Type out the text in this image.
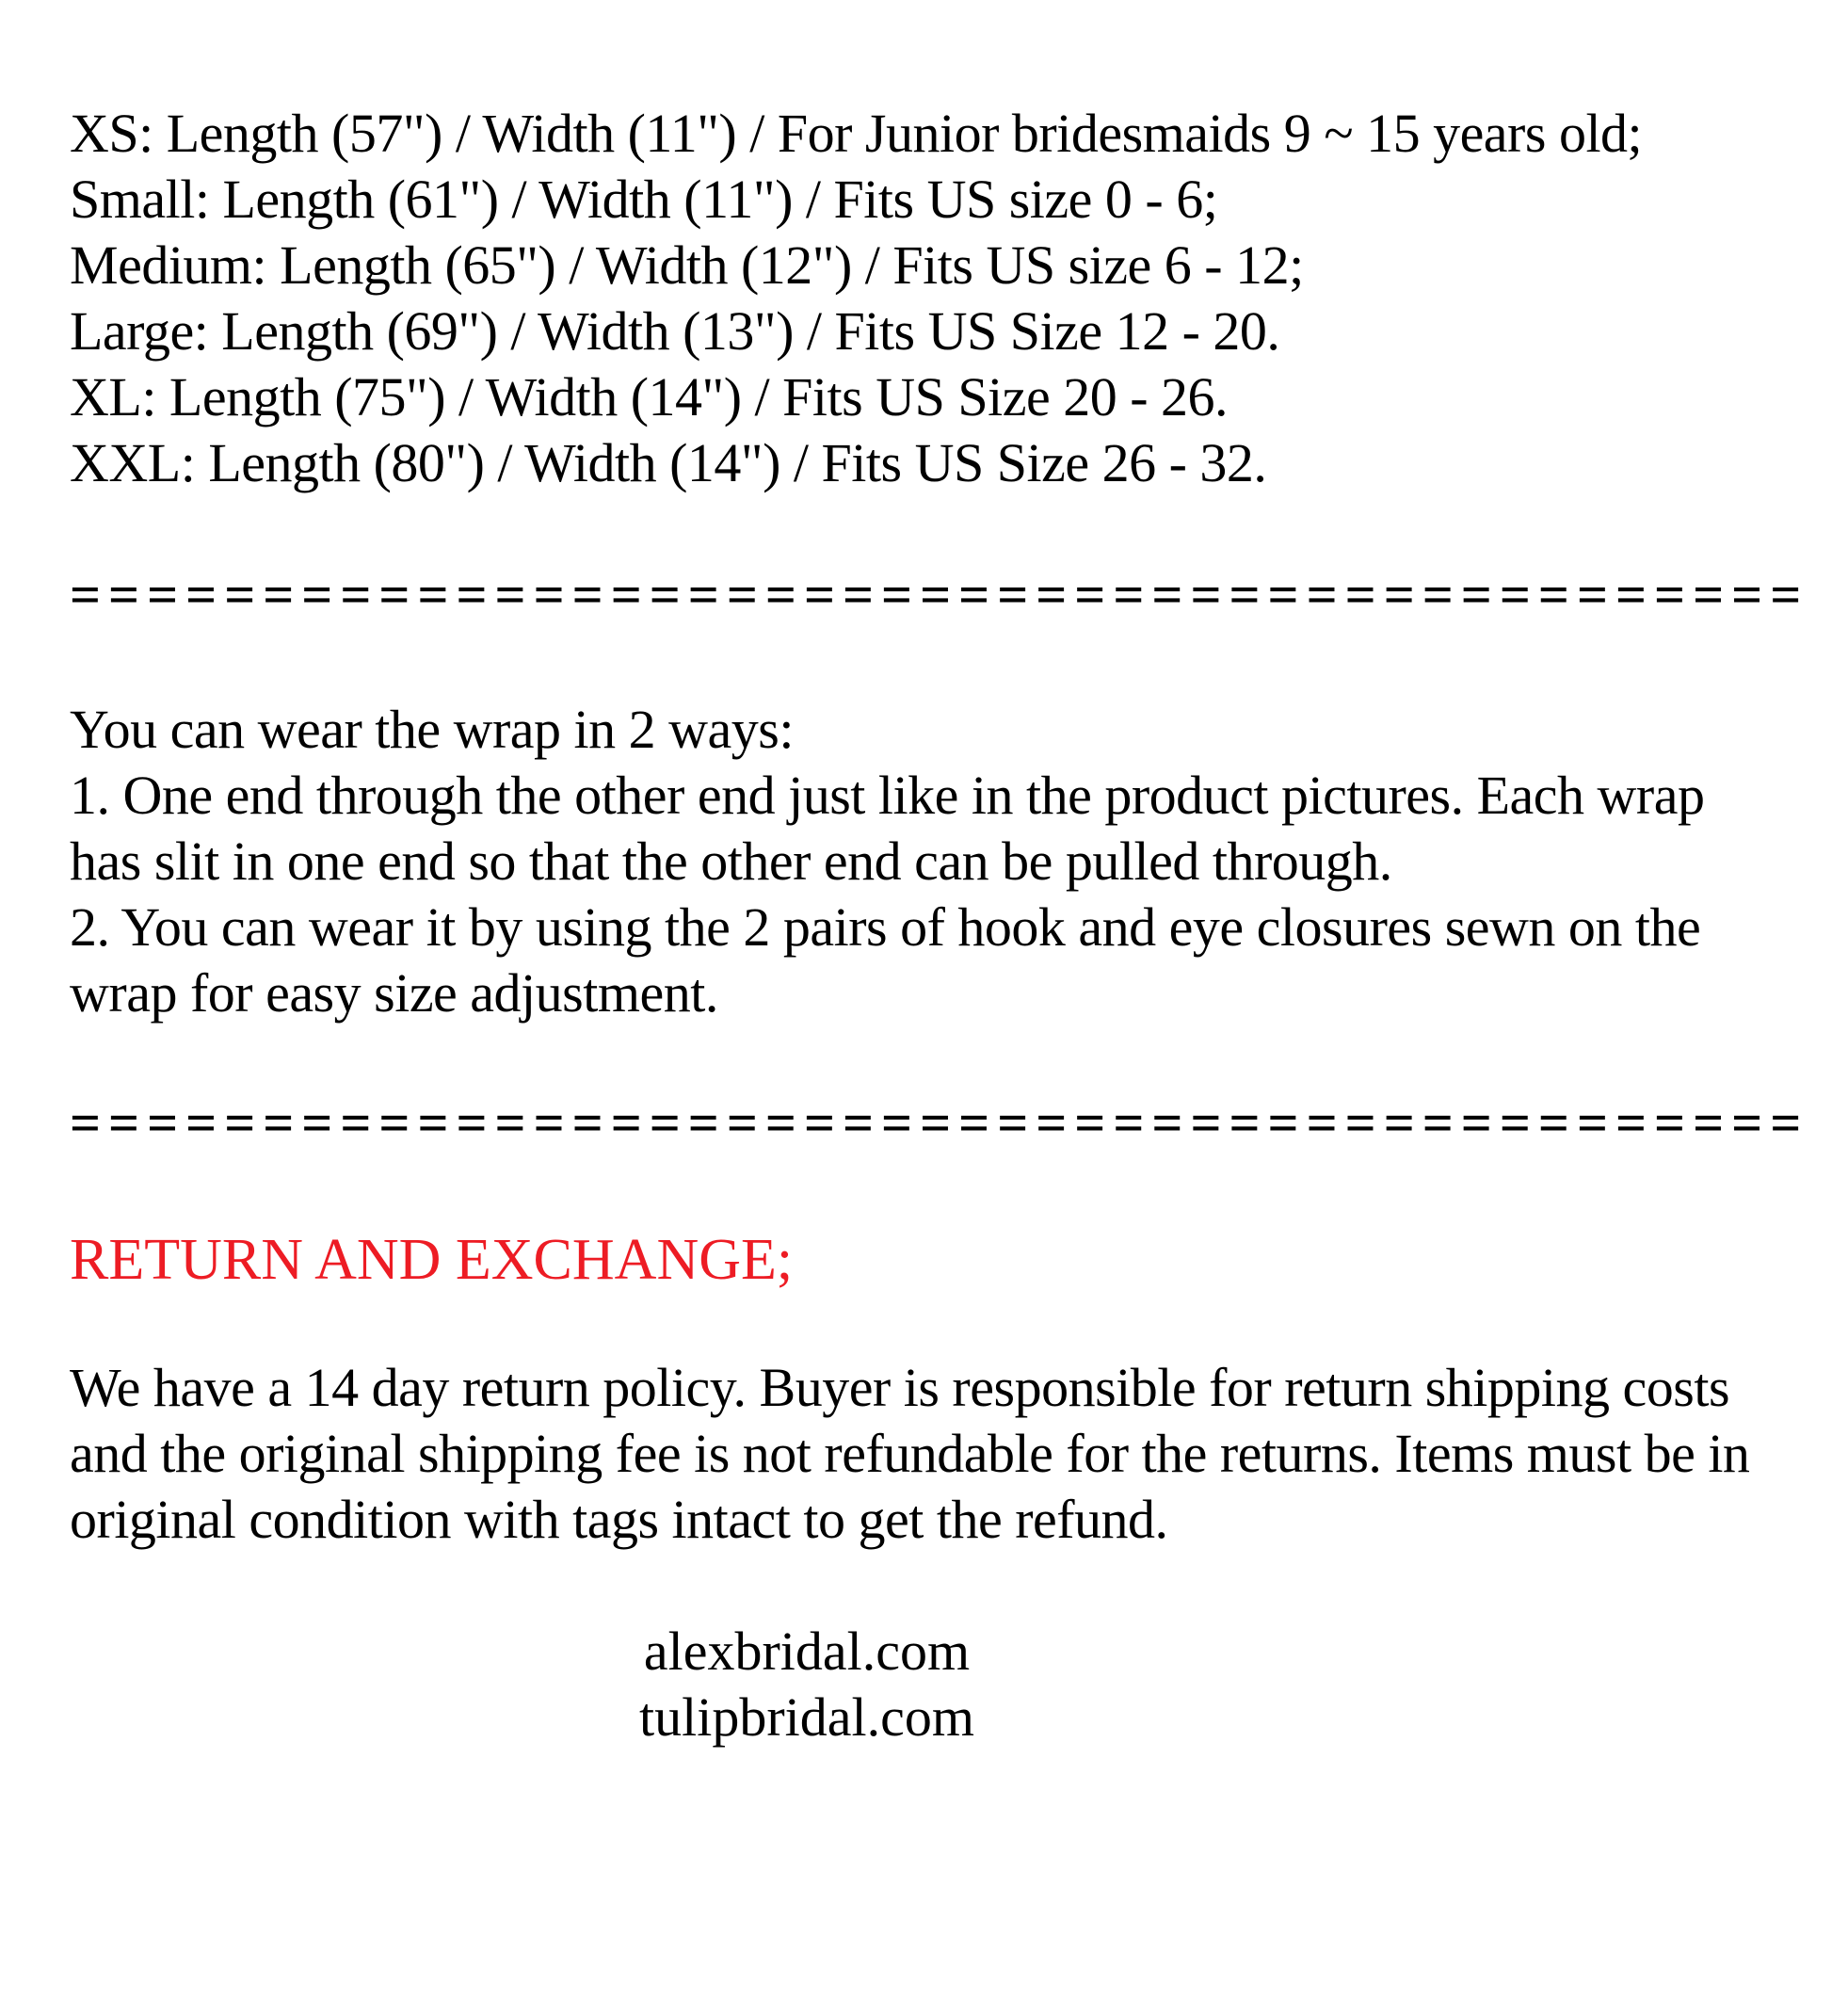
XS: Length (57") / Width (11") / For Junior bridesmaids 9 ~ 15 years old;
Small: Length (61") / Width (11") / Fits US size 0 - 6;
Medium: Length (65") / Width (12") / Fits US size 6 - 12;
Large: Length (69") / Width (13") / Fits US Size 12 - 20.
XL: Length (75") / Width (14") / Fits US Size 20 - 26.
XXL: Length (80") / Width (14") / Fits US Size 26 - 32.
=============================================
You can wear the wrap in 2 ways:
1. One end through the other end just like in the product pictures. Each wrap
has slit in one end so that the other end can be pulled through.
2. You can wear it by using the 2 pairs of hook and eye closures sewn on the
wrap for easy size adjustment.
=============================================
RETURN AND EXCHANGE;
We have a 14 day return policy. Buyer is responsible for return shipping costs
and the original shipping fee is not refundable for the returns. Items must be in
original condition with tags intact to get the refund.
alexbridal.com
tulipbridal.com
